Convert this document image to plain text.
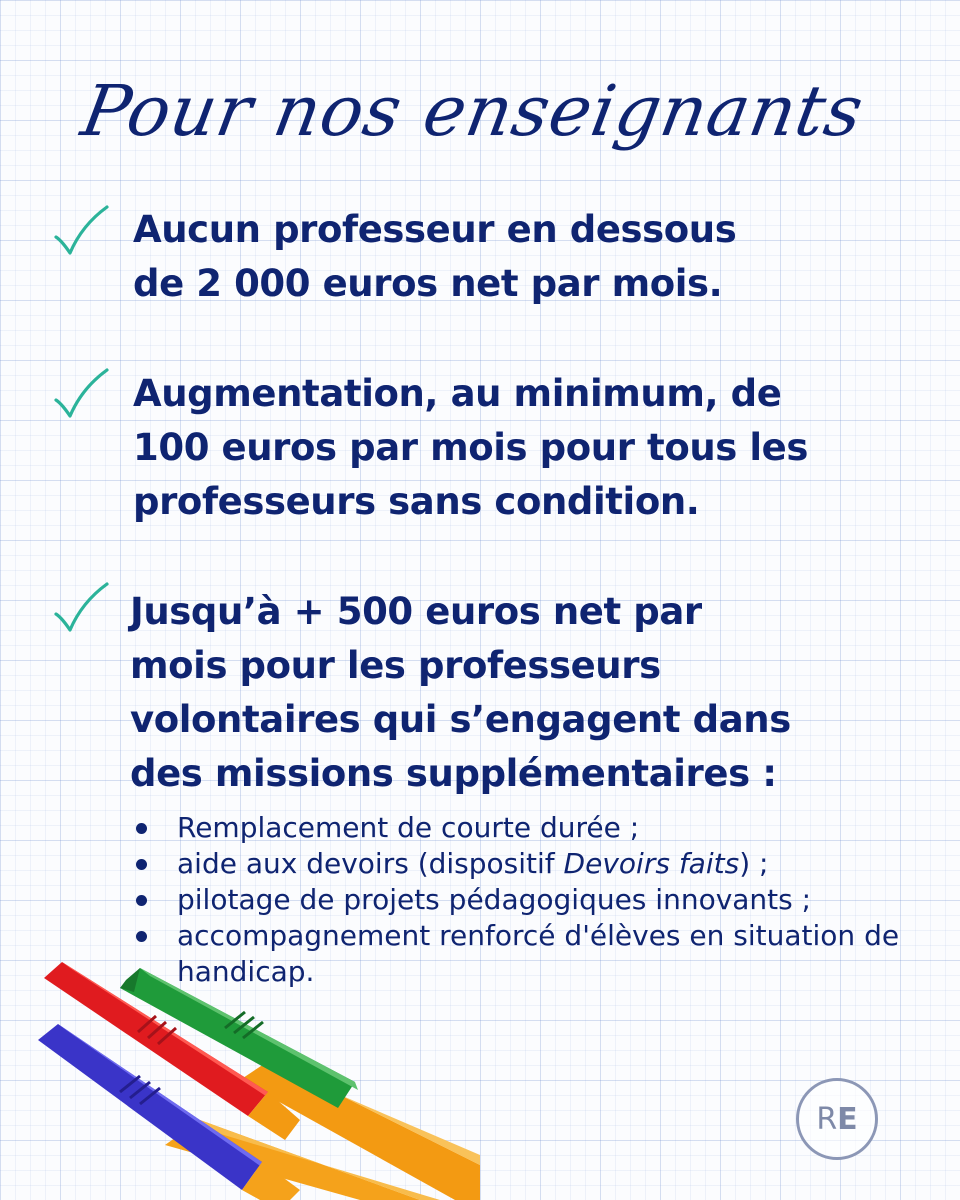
Pour nos enseignants

Aucun professeur en dessous
de 2 000 euros net par mois.

Augmentation, au minimum, de
100 euros par mois pour tous les
professeurs sans condition.

Jusqu’à + 500 euros net par
mois pour les professeurs
volontaires qui s’engagent dans
des missions supplémentaires :

Remplacement de courte durée ;
aide aux devoirs (dispositif Devoirs faits) ;
pilotage de projets pédagogiques innovants ;
accompagnement renforcé d'élèves en situation de handicap.
R E
